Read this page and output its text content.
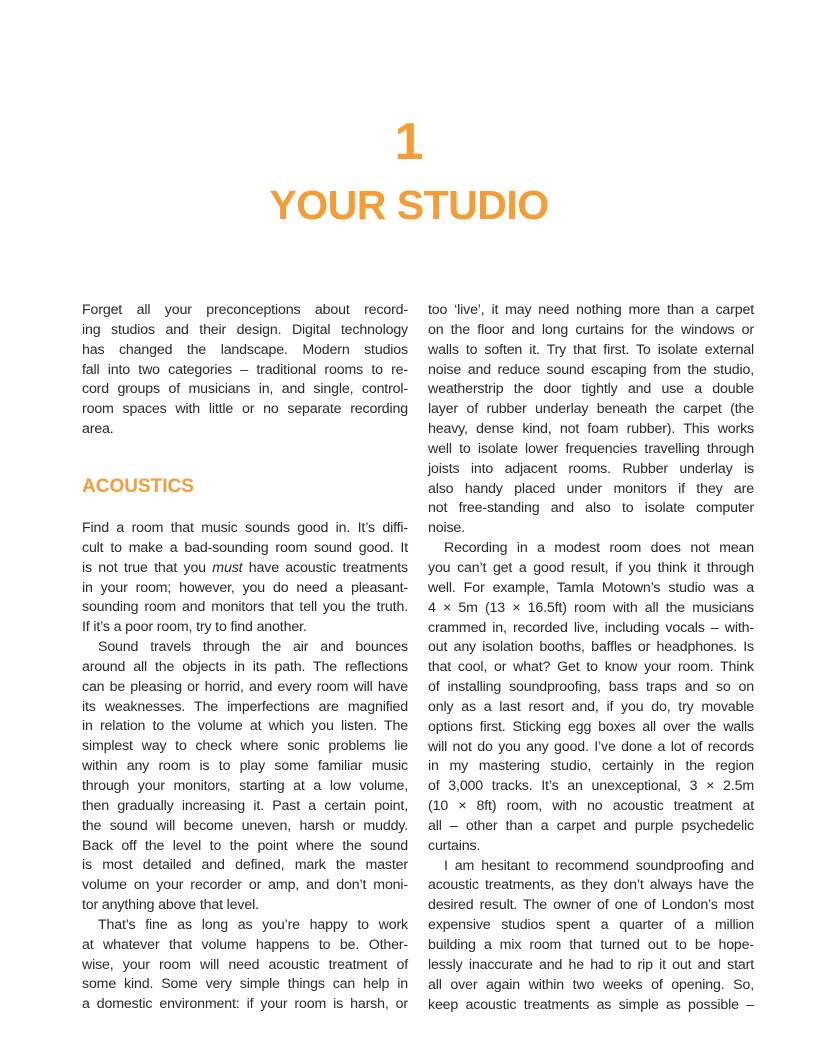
1
YOUR STUDIO
Forget all your preconceptions about record-
ing studios and their design. Digital technology
has changed the landscape. Modern studios
fall into two categories – traditional rooms to re-
cord groups of musicians in, and single, control-
room spaces with little or no separate recording
area.
ACOUSTICS
Find a room that music sounds good in. It’s diffi-
cult to make a bad-sounding room sound good. It
is not true that you must have acoustic treatments
in your room; however, you do need a pleasant-
sounding room and monitors that tell you the truth.
If it’s a poor room, try to find another.
Sound travels through the air and bounces
around all the objects in its path. The reflections
can be pleasing or horrid, and every room will have
its weaknesses. The imperfections are magnified
in relation to the volume at which you listen. The
simplest way to check where sonic problems lie
within any room is to play some familiar music
through your monitors, starting at a low volume,
then gradually increasing it. Past a certain point,
the sound will become uneven, harsh or muddy.
Back off the level to the point where the sound
is most detailed and defined, mark the master
volume on your recorder or amp, and don’t moni-
tor anything above that level.
That’s fine as long as you’re happy to work
at whatever that volume happens to be. Other-
wise, your room will need acoustic treatment of
some kind. Some very simple things can help in
a domestic environment: if your room is harsh, or
too ‘live’, it may need nothing more than a carpet
on the floor and long curtains for the windows or
walls to soften it. Try that first. To isolate external
noise and reduce sound escaping from the studio,
weatherstrip the door tightly and use a double
layer of rubber underlay beneath the carpet (the
heavy, dense kind, not foam rubber). This works
well to isolate lower frequencies travelling through
joists into adjacent rooms. Rubber underlay is
also handy placed under monitors if they are
not free-standing and also to isolate computer
noise.
Recording in a modest room does not mean
you can’t get a good result, if you think it through
well. For example, Tamla Motown’s studio was a
4 × 5m (13 × 16.5ft) room with all the musicians
crammed in, recorded live, including vocals – with-
out any isolation booths, baffles or headphones. Is
that cool, or what? Get to know your room. Think
of installing soundproofing, bass traps and so on
only as a last resort and, if you do, try movable
options first. Sticking egg boxes all over the walls
will not do you any good. I’ve done a lot of records
in my mastering studio, certainly in the region
of 3,000 tracks. It’s an unexceptional, 3 × 2.5m
(10 × 8ft) room, with no acoustic treatment at
all – other than a carpet and purple psychedelic
curtains.
I am hesitant to recommend soundproofing and
acoustic treatments, as they don’t always have the
desired result. The owner of one of London’s most
expensive studios spent a quarter of a million
building a mix room that turned out to be hope-
lessly inaccurate and he had to rip it out and start
all over again within two weeks of opening. So,
keep acoustic treatments as simple as possible –
